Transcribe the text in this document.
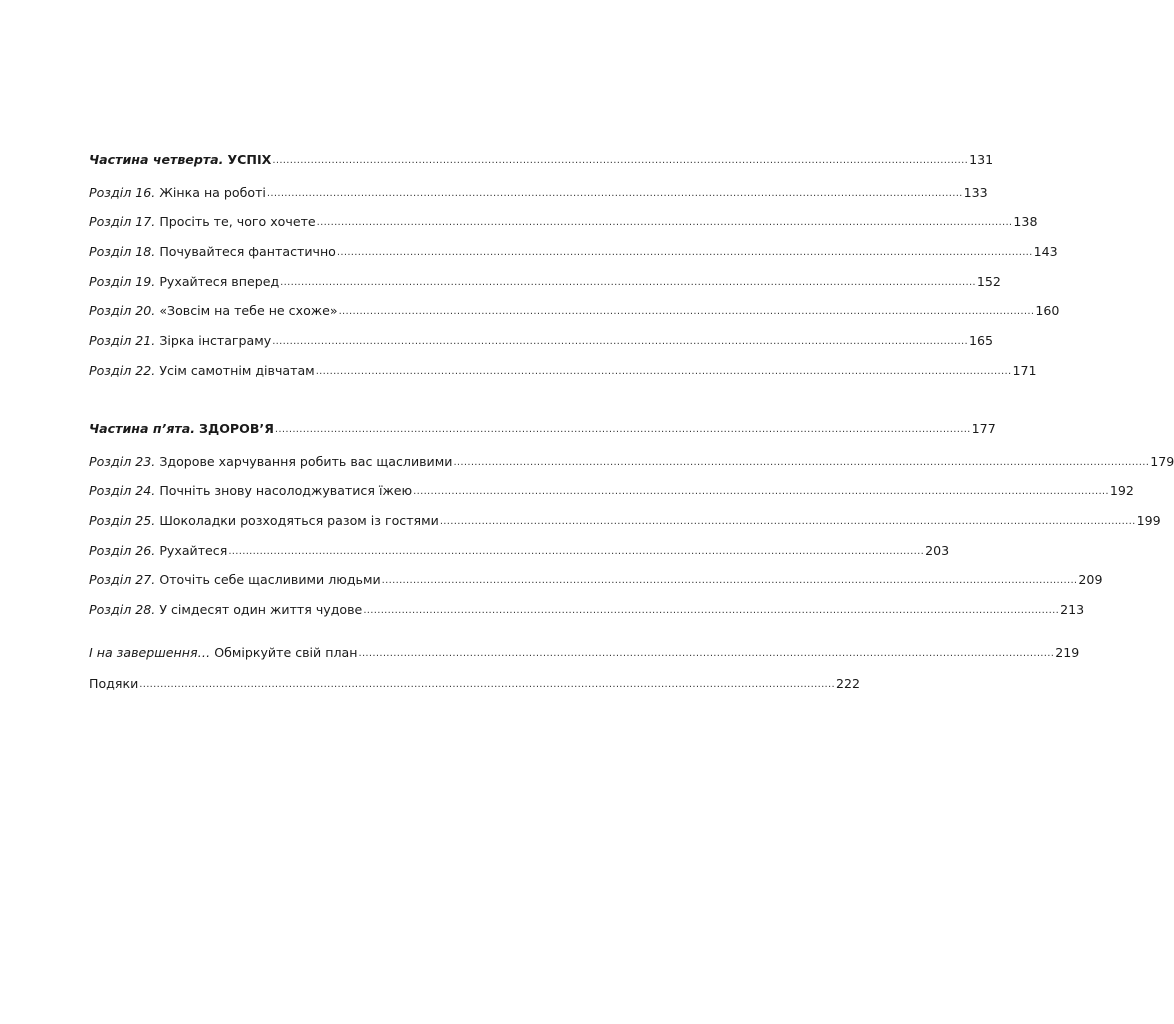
Частина четверта. УСПІХ ........................................................................................................................................................................................................ 131
Розділ 16. Жінка на роботі ........................................................................................................................................................................................................ 133
Розділ 17. Просіть те, чого хочете ........................................................................................................................................................................................................ 138
Розділ 18. Почувайтеся фантастично ........................................................................................................................................................................................................ 143
Розділ 19. Рухайтеся вперед ........................................................................................................................................................................................................ 152
Розділ 20. «Зовсім на тебе не схоже» ........................................................................................................................................................................................................ 160
Розділ 21. Зірка інстаграму ........................................................................................................................................................................................................ 165
Розділ 22. Усім самотнім дівчатам ........................................................................................................................................................................................................ 171
Частина п’ята. ЗДОРОВ’Я ........................................................................................................................................................................................................ 177
Розділ 23. Здорове харчування робить вас щасливими ........................................................................................................................................................................................................ 179
Розділ 24. Почніть знову насолоджуватися їжею ........................................................................................................................................................................................................ 192
Розділ 25. Шоколадки розходяться разом із гостями ........................................................................................................................................................................................................ 199
Розділ 26. Рухайтеся ........................................................................................................................................................................................................ 203
Розділ 27. Оточіть себе щасливими людьми ........................................................................................................................................................................................................ 209
Розділ 28. У сімдесят один життя чудове ........................................................................................................................................................................................................ 213
І на завершення… Обміркуйте свій план ........................................................................................................................................................................................................ 219
Подяки ........................................................................................................................................................................................................ 222
